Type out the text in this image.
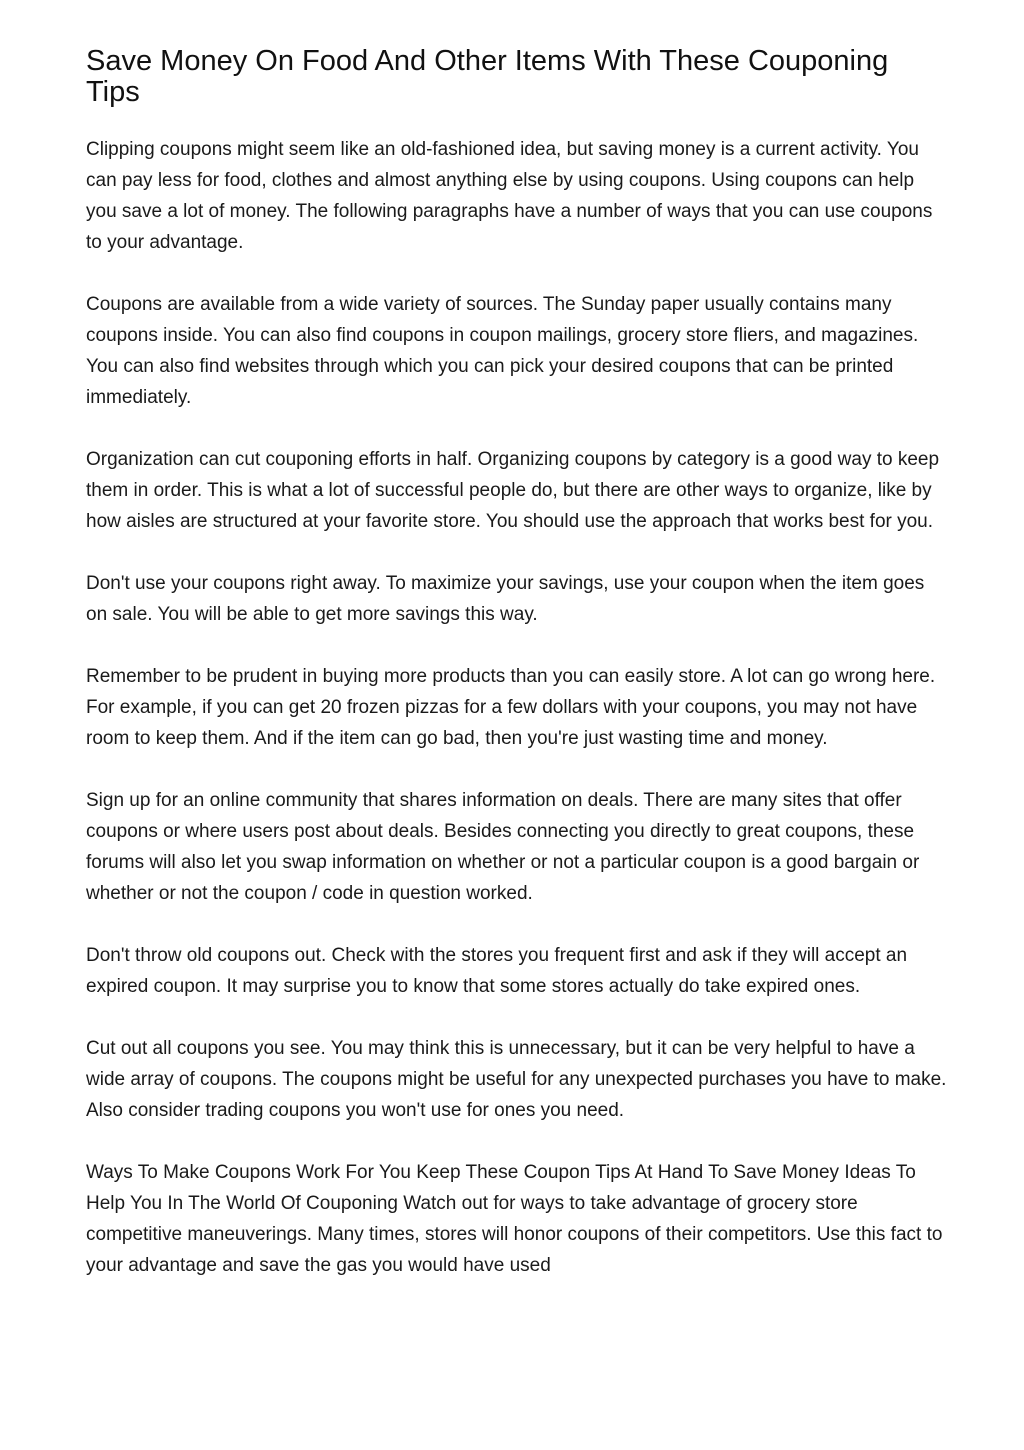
Save Money On Food And Other Items With These Couponing Tips

Clipping coupons might seem like an old-fashioned idea, but saving money is a current activity. You can pay less for food, clothes and almost anything else by using coupons. Using coupons can help you save a lot of money. The following paragraphs have a number of ways that you can use coupons to your advantage.

Coupons are available from a wide variety of sources. The Sunday paper usually contains many coupons inside. You can also find coupons in coupon mailings, grocery store fliers, and magazines. You can also find websites through which you can pick your desired coupons that can be printed immediately.

Organization can cut couponing efforts in half. Organizing coupons by category is a good way to keep them in order. This is what a lot of successful people do, but there are other ways to organize, like by how aisles are structured at your favorite store. You should use the approach that works best for you.

Don't use your coupons right away. To maximize your savings, use your coupon when the item goes on sale. You will be able to get more savings this way.

Remember to be prudent in buying more products than you can easily store. A lot can go wrong here. For example, if you can get 20 frozen pizzas for a few dollars with your coupons, you may not have room to keep them. And if the item can go bad, then you're just wasting time and money.

Sign up for an online community that shares information on deals. There are many sites that offer coupons or where users post about deals. Besides connecting you directly to great coupons, these forums will also let you swap information on whether or not a particular coupon is a good bargain or whether or not the coupon / code in question worked.

Don't throw old coupons out. Check with the stores you frequent first and ask if they will accept an expired coupon. It may surprise you to know that some stores actually do take expired ones.

Cut out all coupons you see. You may think this is unnecessary, but it can be very helpful to have a wide array of coupons. The coupons might be useful for any unexpected purchases you have to make. Also consider trading coupons you won't use for ones you need.

Ways To Make Coupons Work For You Keep These Coupon Tips At Hand To Save Money Ideas To Help You In The World Of Couponing Watch out for ways to take advantage of grocery store competitive maneuverings. Many times, stores will honor coupons of their competitors. Use this fact to your advantage and save the gas you would have used
